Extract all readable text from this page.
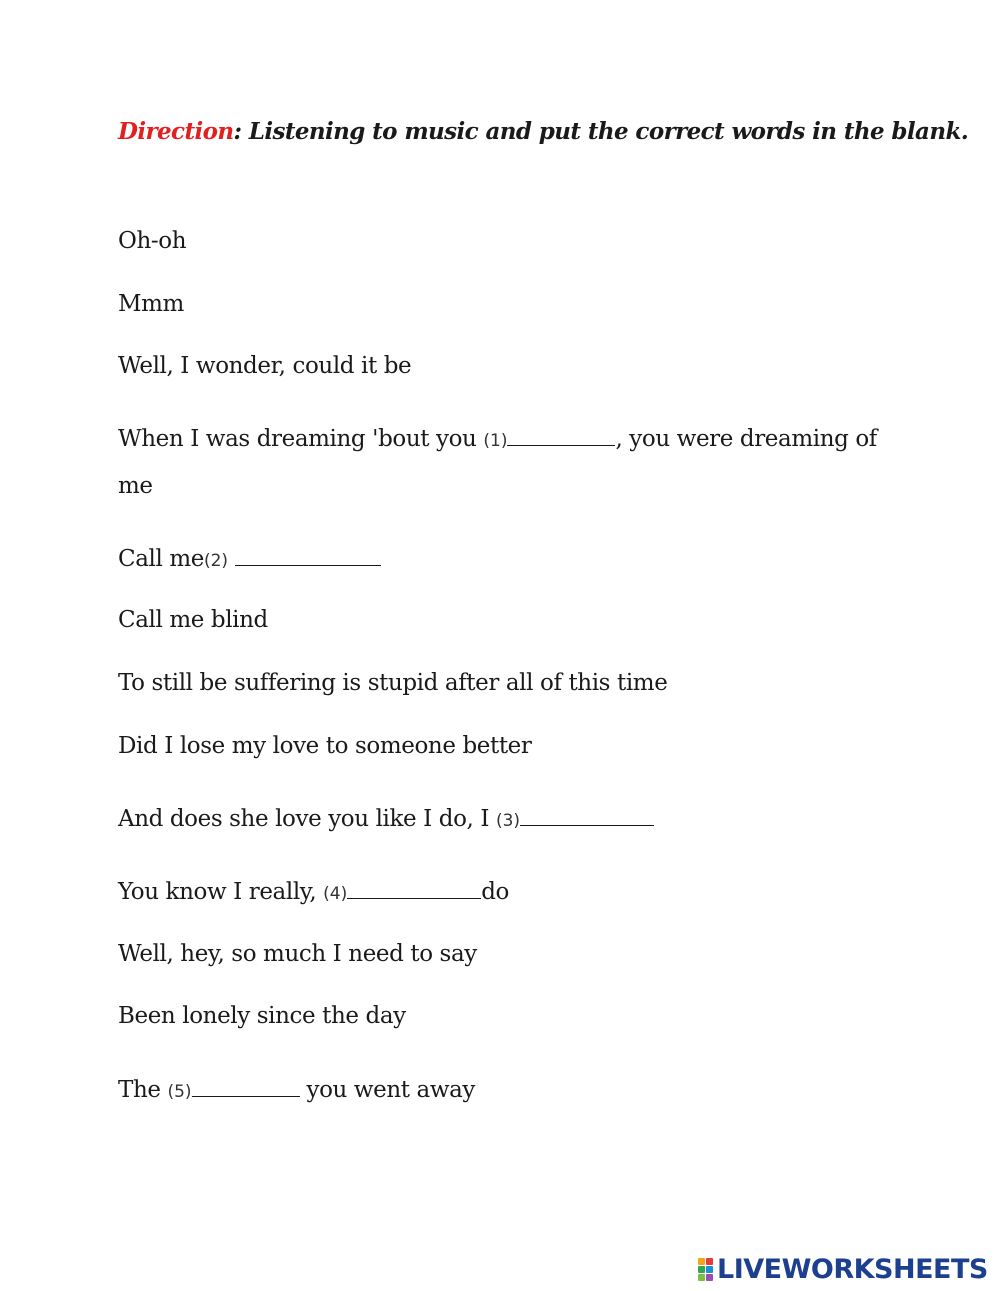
Direction: Listening to music and put the correct words in the blank.
Oh-oh
Mmm
Well, I wonder, could it be
When I was dreaming 'bout you (1)	, you were dreaming of
me
Call me(2)
Call me blind
To still be suffering is stupid after all of this time
Did I lose my love to someone better
And does she love you like I do, I (3)
You know I really, (4)	do
Well, hey, so much I need to say
Been lonely since the day
The (5)	you went away
LIVEWORKSHEETS
